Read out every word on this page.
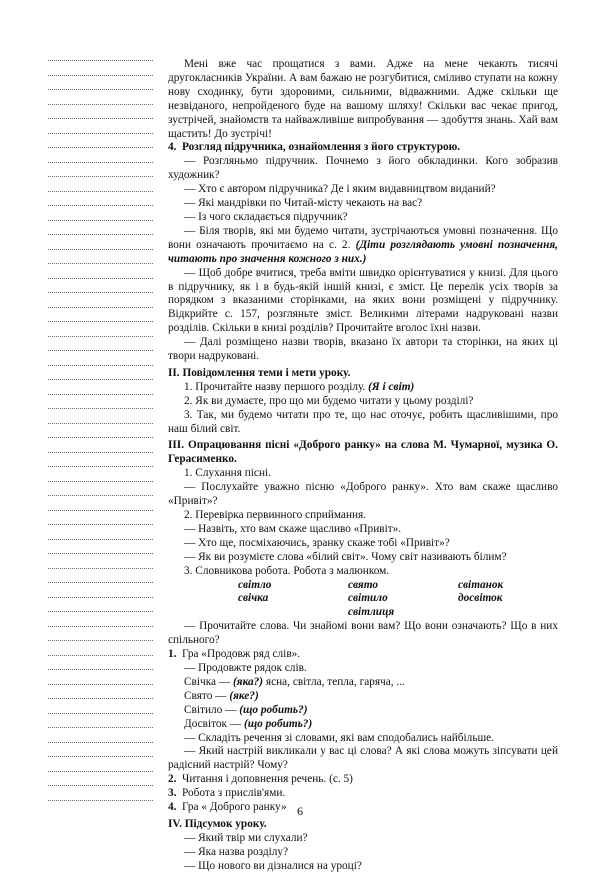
Мені вже час прощатися з вами. Адже на мене чекають тисячі другокласників України. А вам бажаю не розгубитися, сміливо ступати на кожну нову сходинку, бути здоровими, сильними, відважними. Адже скільки ще незвіданого, непройденого буде на вашому шляху! Скільки вас чекає пригод, зустрічей, знайомств та найважливіше випробування — здобуття знань. Хай вам щастить! До зустрічі!

4. Розгляд підручника, ознайомлення з його структурою.

— Розгляньмо підручник. Почнемо з його обкладинки. Кого зобразив художник?

— Хто є автором підручника? Де і яким видавництвом виданий?

— Які мандрівки по Читай-місту чекають на вас?

— Із чого складається підручник?

— Біля творів, які ми будемо читати, зустрічаються умовні позначення. Що вони означають прочитаємо на с. 2. (Діти розглядають умовні позначення, читають про значення кожного з них.)

— Щоб добре вчитися, треба вміти швидко орієнтуватися у книзі. Для цього в підручнику, як і в будь-якій іншій книзі, є зміст. Це перелік усіх творів за порядком з вказаними сторінками, на яких вони розміщені у підручнику. Відкрийте с. 157, розгляньте зміст. Великими літерами надруковані назви розділів. Скільки в книзі розділів? Прочитайте вголос їхні назви.

— Далі розміщено назви творів, вказано їх автори та сторінки, на яких ці твори надруковані.

II. Повідомлення теми і мети уроку.

1. Прочитайте назву першого розділу. (Я і світ)

2. Як ви думаєте, про що ми будемо читати у цьому розділі?

3. Так, ми будемо читати про те, що нас оточує, робить щасливішими, про наш білий світ.

III. Опрацювання пісні «Доброго ранку» на слова М. Чумарної, музика О. Герасименко.

1. Слухання пісні.

— Послухайте уважно пісню «Доброго ранку». Хто вам скаже щасливо «Привіт»?

2. Перевірка первинного сприймання.

— Назвіть, хто вам скаже щасливо «Привіт».

— Хто ще, посміхаючись, зранку скаже тобі «Привіт»?

— Як ви розумієте слова «білий світ». Чому світ називають білим?

3. Словникова робота. Робота з малюнком.

світло	свято	світанок
свічка	світило	досвіток
світлиця

— Прочитайте слова. Чи знайомі вони вам? Що вони означають? Що в них спільного?

1. Гра «Продовж ряд слів».

— Продовжте рядок слів.

Свічка — (яка?) ясна, світла, тепла, гаряча, ...

Свято — (яке?)

Світило — (що робить?)

Досвіток — (що робить?)

— Складіть речення зі словами, які вам сподобались найбільше.

— Який настрій викликали у вас ці слова? А які слова можуть зіпсувати цей радісний настрій? Чому?

2. Читання і доповнення речень. (с. 5)

3. Робота з прислів'ями.

4. Гра « Доброго ранку»

IV. Підсумок уроку.

— Який твір ми слухали?

— Яка назва розділу?

— Що нового ви дізналися на уроці?

6
